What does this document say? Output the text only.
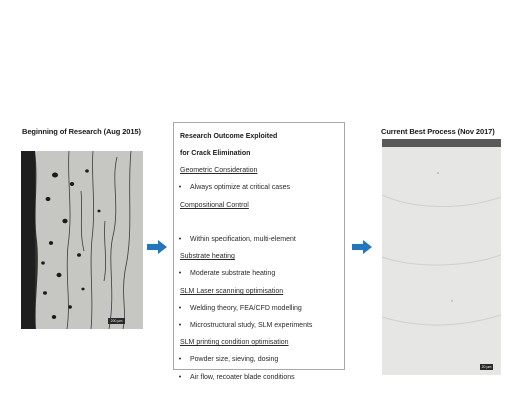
Beginning of Research (Aug 2015)
200 µm
Research Outcome Exploited
for Crack Elimination
Geometric Consideration
• Always optimize at critical cases
Compositional Control
• Within specification, multi-element
Substrate heating
• Moderate substrate heating
SLM Laser scanning optimisation
• Welding theory, FEA/CFD modelling
• Microstructural study, SLM experiments
SLM printing condition optimisation
• Powder size, sieving, dosing
• Air flow, recoater blade conditions
Current Best Process (Nov 2017)
20 µm
